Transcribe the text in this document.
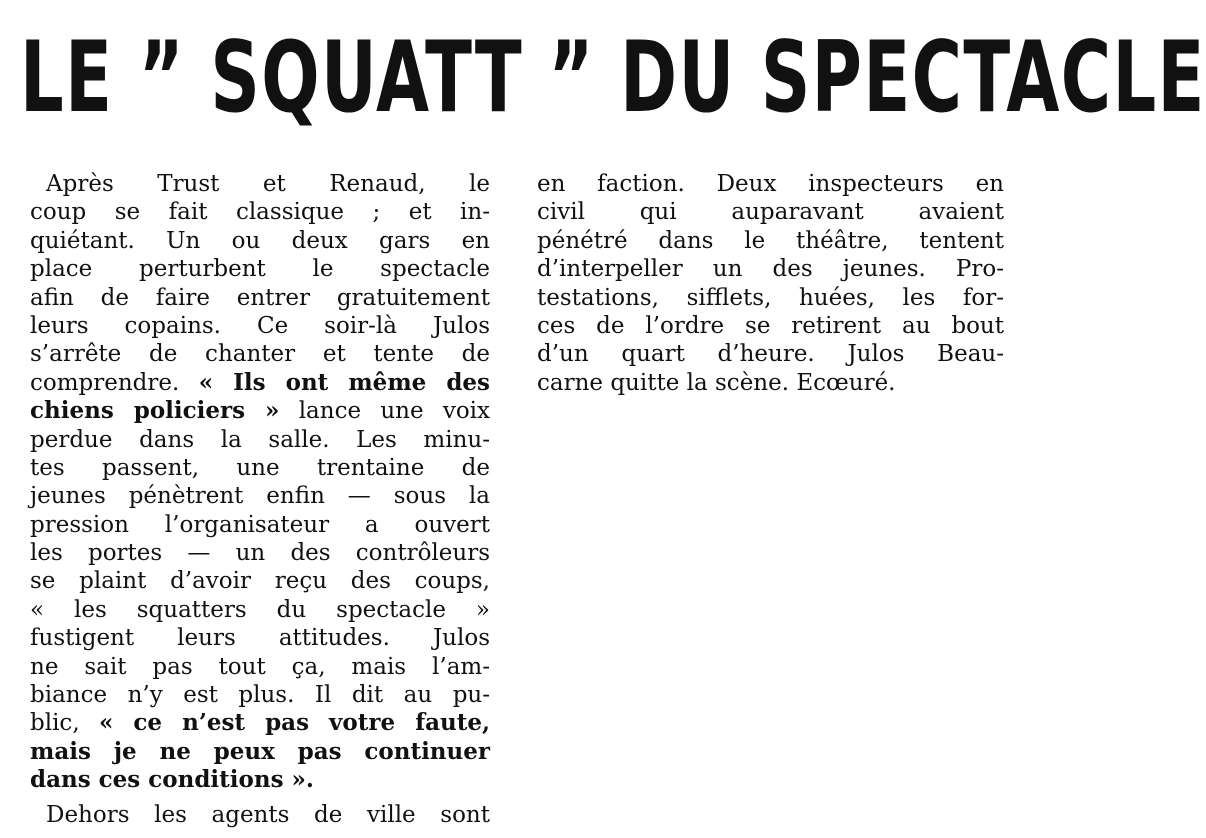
LE ” SQUATT ” DU SPECTACLE
Après Trust et Renaud, le
coup se fait classique ; et in-
quiétant. Un ou deux gars en
place perturbent le spectacle
afin de faire entrer gratuitement
leurs copains. Ce soir-là Julos
s’arrête de chanter et tente de
comprendre. « Ils ont même des
chiens policiers » lance une voix
perdue dans la salle. Les minu-
tes passent, une trentaine de
jeunes pénètrent enfin — sous la
pression l’organisateur a ouvert
les portes — un des contrôleurs
se plaint d’avoir reçu des coups,
« les squatters du spectacle »
fustigent leurs attitudes. Julos
ne sait pas tout ça, mais l’am-
biance n’y est plus. Il dit au pu-
blic, « ce n’est pas votre faute,
mais je ne peux pas continuer
dans ces conditions ».
Dehors les agents de ville sont
en faction. Deux inspecteurs en
civil qui auparavant avaient
pénétré dans le théâtre, tentent
d’interpeller un des jeunes. Pro-
testations, sifflets, huées, les for-
ces de l’ordre se retirent au bout
d’un quart d’heure. Julos Beau-
carne quitte la scène. Ecœuré.
